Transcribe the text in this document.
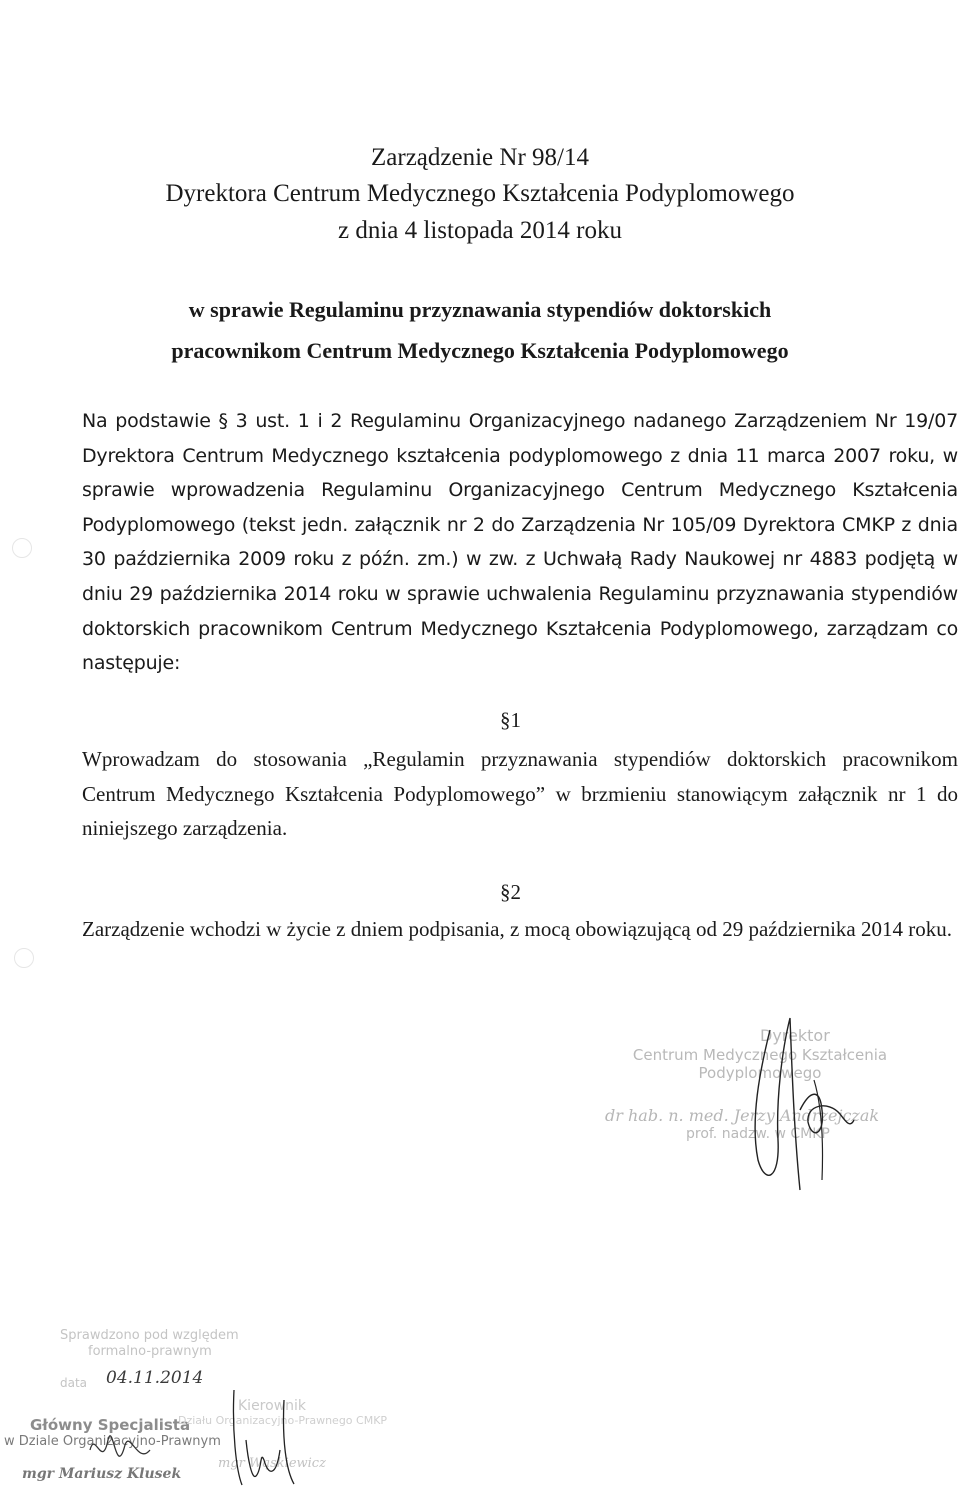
Zarządzenie Nr 98/14
Dyrektora Centrum Medycznego Kształcenia Podyplomowego
z dnia 4 listopada 2014 roku
w sprawie Regulaminu przyznawania stypendiów doktorskich
pracownikom Centrum Medycznego Kształcenia Podyplomowego
Na podstawie § 3 ust. 1 i 2 Regulaminu Organizacyjnego nadanego Zarządzeniem Nr 19/07 Dyrektora Centrum Medycznego kształcenia podyplomowego z dnia 11 marca 2007 roku, w sprawie wprowadzenia Regulaminu Organizacyjnego Centrum Medycznego Kształcenia Podyplomowego (tekst jedn. załącznik nr 2 do Zarządzenia Nr 105/09 Dyrektora CMKP z dnia 30 października 2009 roku z późn. zm.) w zw. z Uchwałą Rady Naukowej nr 4883 podjętą w dniu 29 października 2014 roku w sprawie uchwalenia Regulaminu przyznawania stypendiów doktorskich pracownikom Centrum Medycznego Kształcenia Podyplomowego, zarządzam co następuje:
§1
Wprowadzam do stosowania „Regulamin przyznawania stypendiów doktorskich pracownikom Centrum Medycznego Kształcenia Podyplomowego” w brzmieniu stanowiącym załącznik nr 1 do niniejszego zarządzenia.
§2
Zarządzenie wchodzi w życie z dniem podpisania, z mocą obowiązującą od 29 października 2014 roku.
Dyrektor
Centrum Medycznego Kształcenia Podyplomowego
dr hab. n. med. Jerzy Andrzejczak
prof. nadzw. w CMKP
Sprawdzono pod względem
formalno-prawnym
data 04.11.2014
Główny Specjalista
w Dziale Organizacyjno-Prawnym
mgr Mariusz Klusek
Kierownik
Działu Organizacyjno-Prawnego CMKP
mgr Wąskiewicz
